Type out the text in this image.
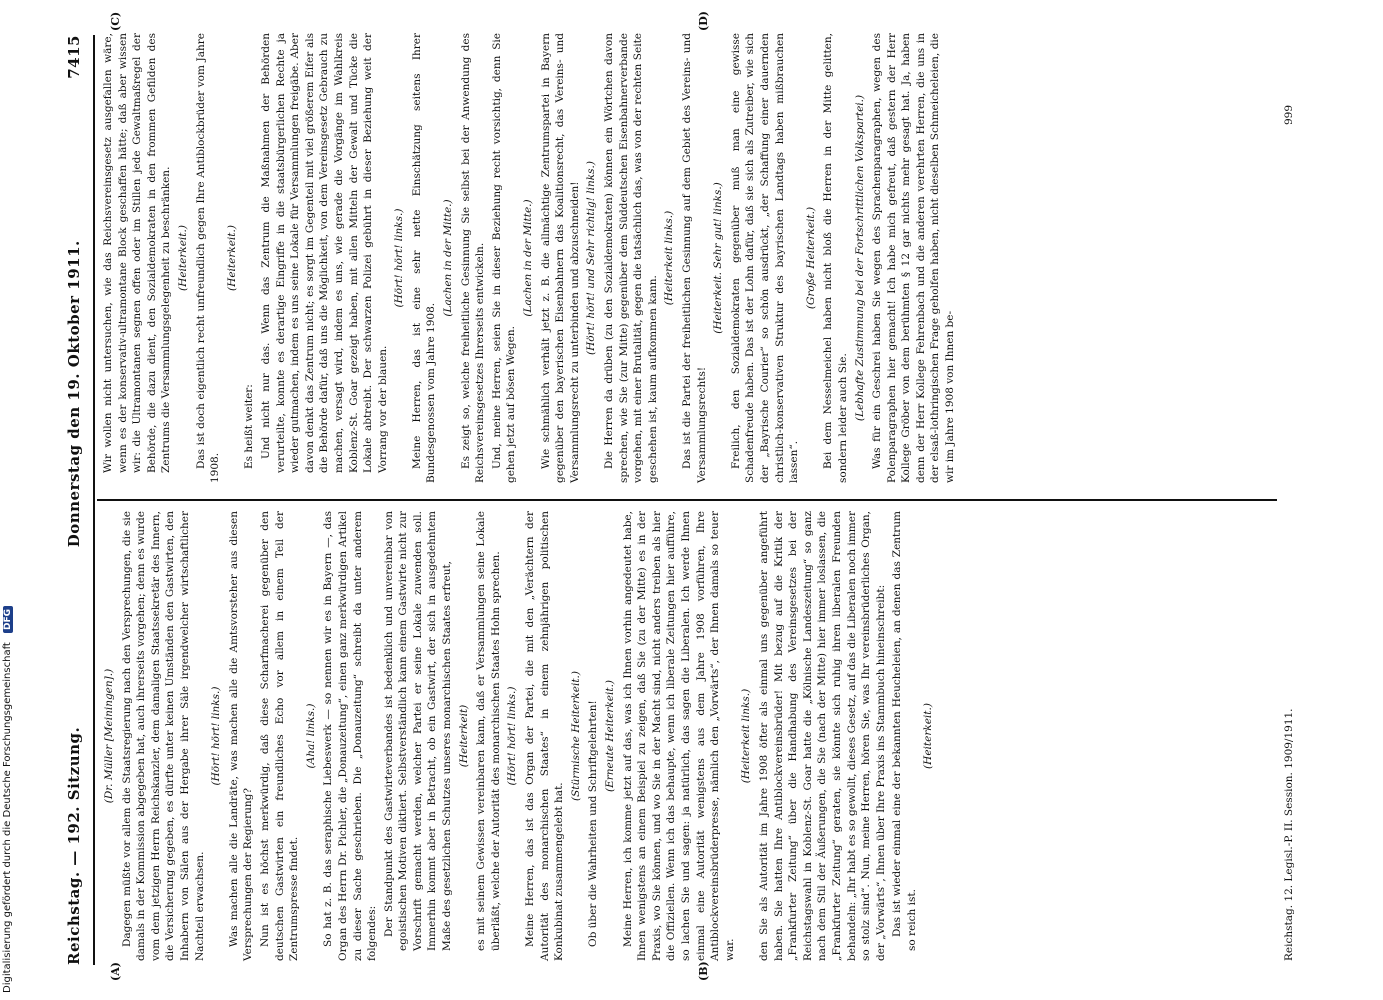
Reichstag. — 192. Sitzung.
Donnerstag den 19. Oktober 1911.  7415
(A)	(B)
(C)	(D)

(Dr. Müller [Meiningen].) Dagegen müßte vor allem die Staatsregierung nach den Versprechungen, die sie damals in der Kommission abgegeben hat, auch ihrerseits vorgehen; denn es wurde vom dem jetzigen Herrn Reichskanzler, dem damaligen Staatssekretär des Innern, die Versicherung gegeben, es dürfte unter keinen Umständen den Gastwirten, den Inhabern von Sälen aus der Hergabe ihrer Säle irgendwelcher wirtschaftlicher Nachteil erwachsen.

(Hört! hört! links.) Was machen alle die Landräte, was machen alle die Amtsvorsteher aus diesen Versprechungen der Regierung? Nun ist es höchst merkwürdig, daß diese Scharfmacherei gegenüber den deutschen Gastwirten ein freundliches Echo vor allem in einem Teil der Zentrumspresse findet.

(Aha! links.) So hat z. B. das seraphische Liebeswerk — so nennen wir es in Bayern —, das Organ des Herrn Dr. Pichler, die „Donauzeitung“, einen ganz merkwürdigen Artikel zu dieser Sache geschrieben. Die „Donauzeitung“ schreibt da unter anderem folgendes: Der Standpunkt des Gastwirteverbandes ist bedenklich und unvereinbar von egoistischen Motiven diktiert. Selbstverständlich kann einem Gastwirte nicht zur Vorschrift gemacht werden, welcher Partei er seine Lokale zuwenden soll. Immerhin kommt aber in Betracht, ob ein Gastwirt, der sich in ausgedehntem Maße des gesetzlichen Schutzes unseres monarchischen Staates erfreut, (Heiterkeit) es mit seinem Gewissen vereinbaren kann, daß er Versammlungen seine Lokale überläßt, welche der Autorität des monarchischen Staates Hohn sprechen. (Hört! hört! links.) Meine Herren, das ist das Organ der Partei, die mit den „Verächtern der Autorität des monarchischen Staates“ in einem zehnjährigen politischen Konkubinat zusammengelebt hat.

(Stürmische Heiterkeit.) Ob über die Wahrheiten und Schriftgelehrten! (Erneute Heiterkeit.) Meine Herren, ich komme jetzt auf das, was ich Ihnen vorhin angedeutet habe, Ihnen wenigstens an einem Beispiel zu zeigen, daß Sie (zu der Mitte) es in der Praxis, wo Sie können, und wo Sie in der Macht sind, nicht anders treiben als hier die Offiziellen. Wenn ich das behaupte, wenn ich liberale Zeitungen hier aufführe, so lachen Sie und sagen: ja natürlich, das sagen die Liberalen. Ich werde Ihnen einmal eine Autorität wenigstens aus dem Jahre 1908 vorführen, Ihre Antiblockvereinsbrüderpresse, nämlich den „Vorwärts“, der Ihnen damals so teuer war.

(Heiterkeit links.) den Sie als Autorität im Jahre 1908 öfter als einmal uns gegenüber angeführt haben. Sie hatten Ihre Antiblockvereinsbrüder! Mit bezug auf die Kritik der „Frankfurter Zeitung“ über die Handhabung des Vereinsgesetzes bei der Reichstagswahl in Koblenz-St. Goar hatte die „Kölnische Landeszeitung“ so ganz nach dem Stil der Äußerungen, die Sie (nach der Mitte) hier immer loslassen, die „Frankfurter Zeitung“ geraten, sie könnte sich ruhig ihren liberalen Freunden behandeln: „Ihr habt es so gewollt, dieses Gesetz, auf das die Liberalen noch immer so stolz sind“. Nun, meine Herren, hören Sie, was Ihr vereinsbrüderliches Organ, der „Vorwärts“, Ihnen über Ihre Praxis ins Stammbuch hineinschreibt: Das ist wieder einmal eine der bekannten Heucheleien, an denen das Zentrum so reich ist.

(Heiterkeit.)

Wir wollen nicht untersuchen, wie das Reichsvereinsgesetz ausgefallen wäre, wenn es der konservativ-ultramontane Block geschaffen hätte; daß aber wissen wir: die Ultramontanen segnen offen oder im Stillen jede Gewaltmaßregel der Behörde, die dazu dient, den Sozialdemokraten in den frommen Gefilden des Zentrums die Versammlungsgelegenheit zu beschränken. (Heiterkeit.) Das ist doch eigentlich recht unfreundlich gegen Ihre Antiblockbrüder vom Jahre 1908.

(Heiterkeit.)

Es heißt weiter: Und nicht nur das. Wenn das Zentrum die Maßnahmen der Behörden verurteilte, konnte es derartige Eingriffe in die staatsbürgerlichen Rechte ja wieder gutmachen, indem es uns seine Lokale für Versammlungen freigäbe. Aber davon denkt das Zentrum nicht; es sorgt im Gegenteil mit viel größerem Eifer als die Behörde dafür, daß uns die Möglichkeit, von dem Vereinsgesetz Gebrauch zu machen, versagt wird, indem es uns, wie gerade die Vorgänge im Wahlkreis Koblenz-St. Goar gezeigt haben, mit allen Mitteln der Gewalt und Tücke die Lokale abtreibt. Der schwarzen Polizei gebührt in dieser Beziehung weit der Vorrang vor der blauen.

(Hört! hört! links.) Meine Herren, das ist eine sehr nette Einschätzung seitens Ihrer Bundesgenossen vom Jahre 1908.

(Lachen in der Mitte.) Es zeigt so, welche freiheitliche Gesinnung Sie selbst bei der Anwendung des Reichsvereinsgesetzes Ihrerseits entwickeln. Und, meine Herren, seien Sie in dieser Beziehung recht vorsichtig, denn Sie gehen jetzt auf bösen Wegen.

(Lachen in der Mitte.) Wie schmählich verhält jetzt z. B. die allmächtige Zentrumspartei in Bayern gegenüber den bayerischen Eisenbahnern das Koalitionsrecht, das Vereins- und Versammlungsrecht zu unterbinden und abzuschneiden! (Hört! hört! und Sehr richtig! links.) Die Herren da drüben (zu den Sozialdemokraten) können ein Wörtchen davon sprechen, wie Sie (zur Mitte) gegenüber dem Süddeutschen Eisenbahnerverbande vorgehen, mit einer Brutalität, gegen die tatsächlich das, was von der rechten Seite geschehen ist, kaum aufkommen kann.

(Heiterkeit links.) Das ist die Partei der freiheitlichen Gesinnung auf dem Gebiet des Vereins- und Versammlungsrechts!

(Heiterkeit. Sehr gut! links.) Freilich, den Sozialdemokraten gegenüber muß man eine gewisse Schadenfreude haben. Das ist der Lohn dafür, daß sie sich als Zutreiber, wie sich der „Bayrische Courier“ so schön ausdrückt, „der Schaffung einer dauernden christlich-konservativen Struktur des bayrischen Landtags haben mißbrauchen lassen“.

(Große Heiterkeit.) Bei dem Nesselmeichel haben nicht bloß die Herren in der Mitte gelitten, sondern leider auch Sie. (Lebhafte Zustimmung bei der Fortschrittlichen Volkspartei.) Was für ein Geschrei haben Sie wegen des Sprachenparagraphen, wegen des Polenparagraphen hier gemacht! Ich habe mich gefreut, daß gestern der Herr Kollege Gröber von dem berühmten § 12 gar nichts mehr gesagt hat. Ja, haben denn der Herr Kollege Fehrenbach und die anderen verehrten Herren, die uns in der elsaß-lothringischen Frage geholfen haben, nicht dieselben Schmeicheleien, die wir im Jahre 1908 von Ihnen be-

Reichstag. 12. Legisl.-P. II. Session. 1909/1911.
999
Digitalisierung gefördert durch die Deutsche Forschungsgemeinschaft DFG
